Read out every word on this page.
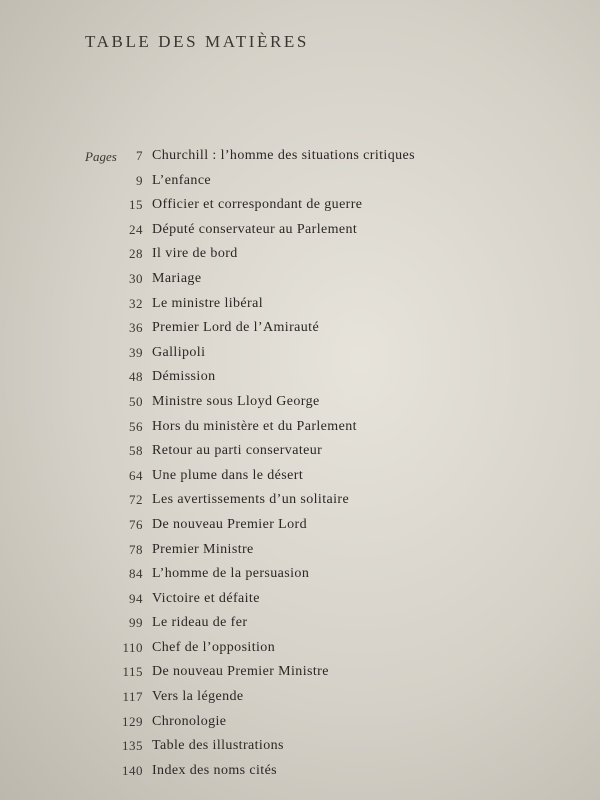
TABLE DES MATIÈRES
Pages	7 Churchill : l’homme des situations critiques
9 L’enfance
15 Officier et correspondant de guerre
24 Député conservateur au Parlement
28 Il vire de bord
30 Mariage
32 Le ministre libéral
36 Premier Lord de l’Amirauté
39 Gallipoli
48 Démission
50 Ministre sous Lloyd George
56 Hors du ministère et du Parlement
58 Retour au parti conservateur
64 Une plume dans le désert
72 Les avertissements d’un solitaire
76 De nouveau Premier Lord
78 Premier Ministre
84 L’homme de la persuasion
94 Victoire et défaite
99 Le rideau de fer
110 Chef de l’opposition
115 De nouveau Premier Ministre
117 Vers la légende
129 Chronologie
135 Table des illustrations
140 Index des noms cités
